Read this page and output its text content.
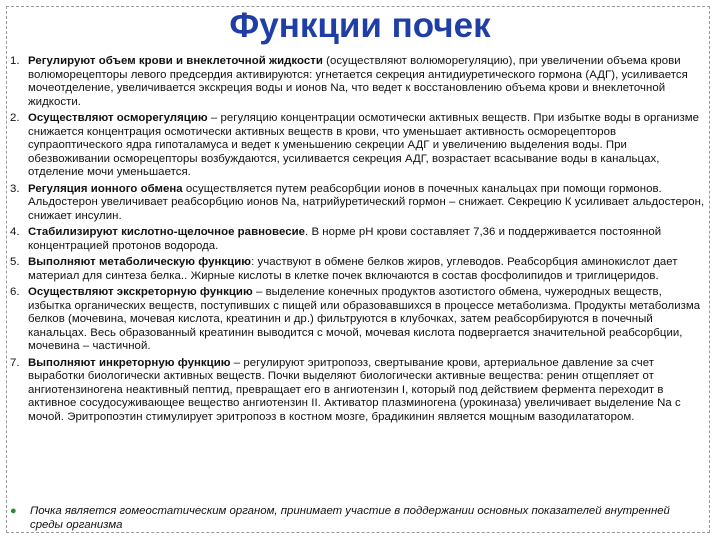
Функции почек
1. Регулируют объем крови и внеклеточной жидкости (осуществляют волюморегуляцию), при увеличении объема крови волюморецепторы левого предсердия активируются: угнетается секреция антидиуретического гормона (АДГ), усиливается мочеотделение, увеличивается экскреция воды и ионов Na, что ведет к восстановлению объема крови и внеклеточной жидкости.
2. Осуществляют осморегуляцию – регуляцию концентрации осмотически активных веществ. При избытке воды в организме снижается концентрация осмотически активных веществ в крови, что уменьшает активность осморецепторов супраоптического ядра гипоталамуса и ведет к уменьшению секреции АДГ и увеличению выделения воды. При обезвоживании осморецепторы возбуждаются, усиливается секреция АДГ, возрастает всасывание воды в канальцах, отделение мочи уменьшается.
3. Регуляция ионного обмена осуществляется путем реабсорбции ионов в почечных канальцах при помощи гормонов. Альдостерон увеличивает реабсорбцию ионов Na, натрийуретический гормон – снижает. Секрецию К усиливает альдостерон, снижает инсулин.
4. Стабилизируют кислотно-щелочное равновесие. В норме рН крови составляет 7,36 и поддерживается постоянной концентрацией протонов водорода.
5. Выполняют метаболическую функцию: участвуют в обмене белков жиров, углеводов. Реабсорбция аминокислот дает материал для синтеза белка.. Жирные кислоты в клетке почек включаются в состав фосфолипидов и триглицеридов.
6. Осуществляют экскреторную функцию – выделение конечных продуктов азотистого обмена, чужеродных веществ, избытка органических веществ, поступивших с пищей или образовавшихся в процессе метаболизма. Продукты метаболизма белков (мочевина, мочевая кислота, креатинин и др.) фильтруются в клубочках, затем реабсорбируются в почечный канальцах. Весь образованный креатинин выводится с мочой, мочевая кислота подвергается значительной реабсорбции, мочевина – частичной.
7. Выполняют инкреторную функцию – регулируют эритропоэз, свертывание крови, артериальное давление за счет выработки биологически активных веществ. Почки выделяют биологически активные вещества: ренин отщепляет от ангиотензиногена неактивный пептид, превращает его в ангиотензин I, который под действием фермента переходит в активное сосудосуживающее вещество ангиотензин II. Активатор плазминогена (урокиназа) увеличивает выделение Na с мочой. Эритропоэтин стимулирует эритропоэз в костном мозге, брадикинин является мощным вазодилататором.
● Почка является гомеостатическим органом, принимает участие в поддержании основных показателей внутренней среды организма
